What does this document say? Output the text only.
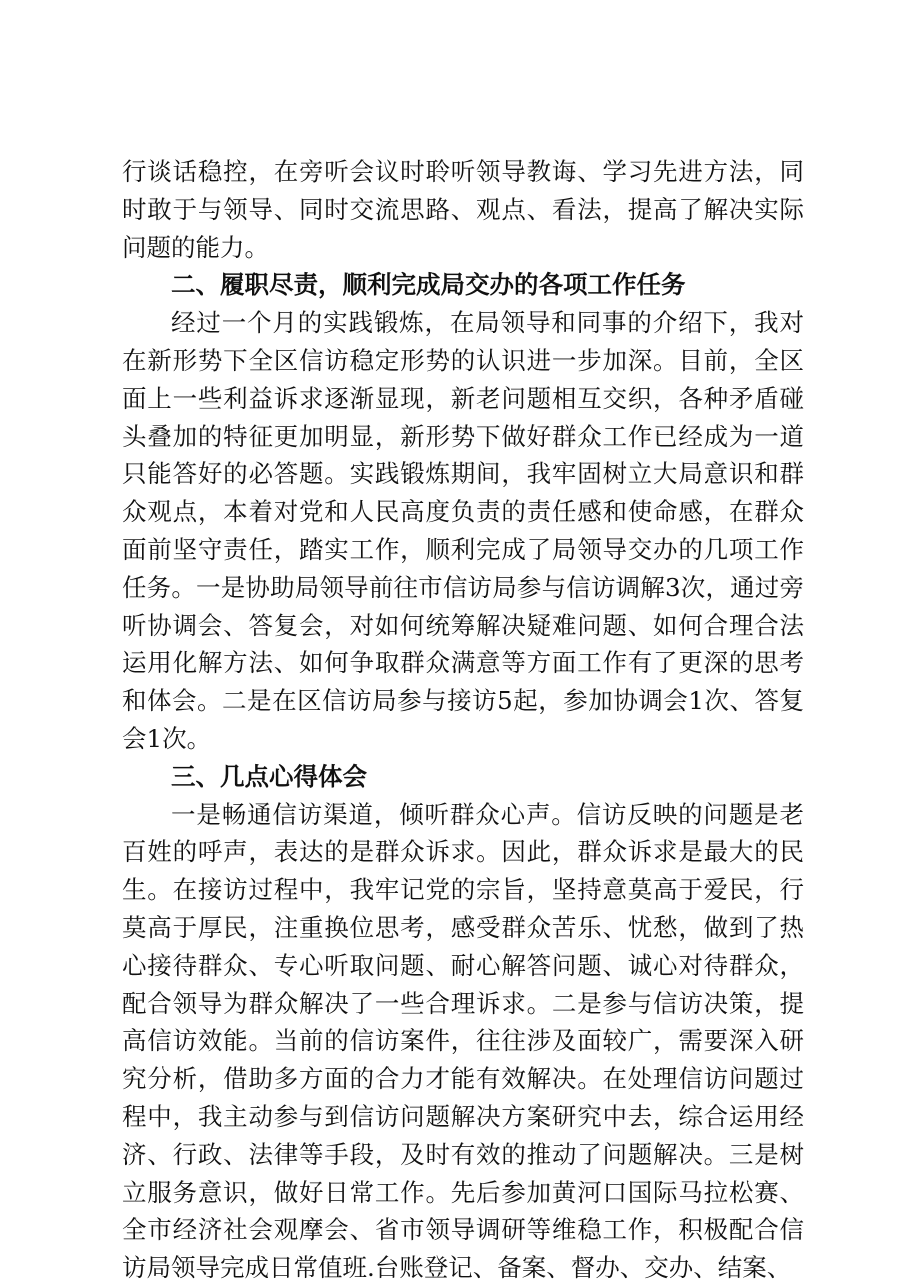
行谈话稳控，在旁听会议时聆听领导教诲、学习先进方法，同时敢于与领导、同时交流思路、观点、看法，提高了解决实际问题的能力。

二、履职尽责，顺利完成局交办的各项工作任务

经过一个月的实践锻炼，在局领导和同事的介绍下，我对在新形势下全区信访稳定形势的认识进一步加深。目前，全区面上一些利益诉求逐渐显现，新老问题相互交织，各种矛盾碰头叠加的特征更加明显，新形势下做好群众工作已经成为一道只能答好的必答题。实践锻炼期间，我牢固树立大局意识和群众观点，本着对党和人民高度负责的责任感和使命感，在群众面前坚守责任，踏实工作，顺利完成了局领导交办的几项工作任务。一是协助局领导前往市信访局参与信访调解3次，通过旁听协调会、答复会，对如何统筹解决疑难问题、如何合理合法运用化解方法、如何争取群众满意等方面工作有了更深的思考和体会。二是在区信访局参与接访5起，参加协调会1次、答复会1次。

三、几点心得体会

一是畅通信访渠道，倾听群众心声。信访反映的问题是老百姓的呼声，表达的是群众诉求。因此，群众诉求是最大的民生。在接访过程中，我牢记党的宗旨，坚持意莫高于爱民，行莫高于厚民，注重换位思考，感受群众苦乐、忧愁，做到了热心接待群众、专心听取问题、耐心解答问题、诚心对待群众，配合领导为群众解决了一些合理诉求。二是参与信访决策，提高信访效能。当前的信访案件，往往涉及面较广，需要深入研究分析，借助多方面的合力才能有效解决。在处理信访问题过程中，我主动参与到信访问题解决方案研究中去，综合运用经济、行政、法律等手段，及时有效的推动了问题解决。三是树立服务意识，做好日常工作。先后参加黄河口国际马拉松赛、全市经济社会观摩会、省市领导调研等维稳工作，积极配合信访局领导完成日常值班.台账登记、备案、督办、交办、结案、
